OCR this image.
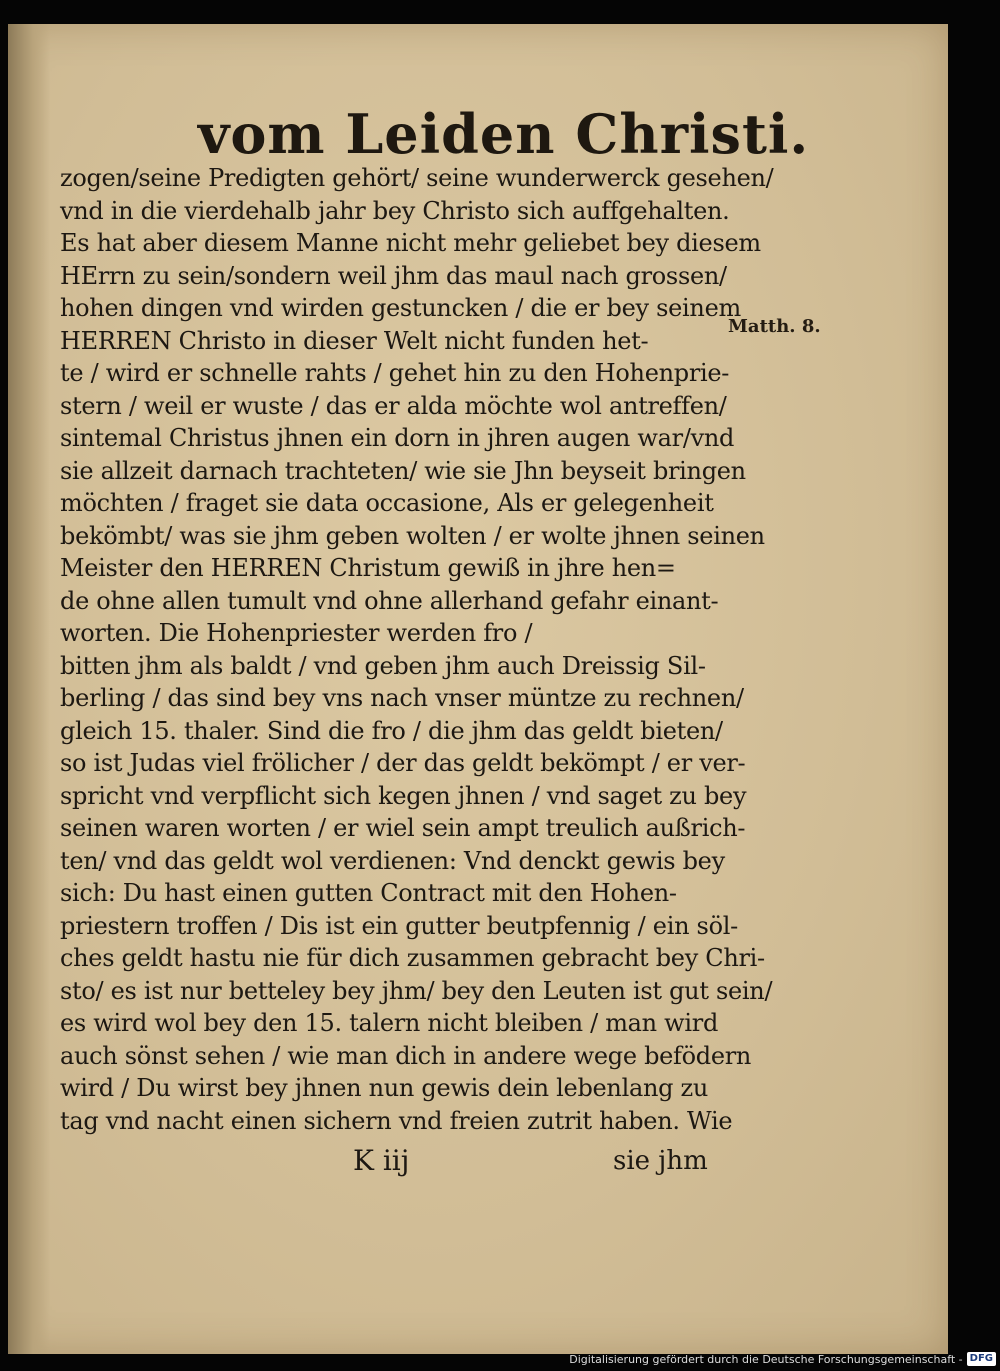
vom Leiden Christi.
zogen/seine Predigten gehört/ seine wunderwerck gesehen/
vnd in die vierdehalb jahr bey Christo sich auffgehalten.
Es hat aber diesem Manne nicht mehr geliebet bey diesem
HErrn zu sein/sondern weil jhm das maul nach grossen/
hohen dingen vnd wirden gestuncken / die er bey seinem
HERREN Christo in dieser Welt nicht funden het-
te / wird er schnelle rahts / gehet hin zu den Hohenprie-
stern / weil er wuste / das er alda möchte wol antreffen/
sintemal Christus jhnen ein dorn in jhren augen war/vnd
sie allzeit darnach trachteten/ wie sie Jhn beyseit bringen
möchten / fraget sie data occasione, Als er gelegenheit
bekömbt/ was sie jhm geben wolten / er wolte jhnen seinen
Meister den HERREN Christum gewiß in jhre hen=
de ohne allen tumult vnd ohne allerhand gefahr einant-
worten. Die Hohenpriester werden fro /
bitten jhm als baldt / vnd geben jhm auch Dreissig Sil-
berling / das sind bey vns nach vnser müntze zu rechnen/
gleich 15. thaler. Sind die fro / die jhm das geldt bieten/
so ist Judas viel frölicher / der das geldt bekömpt / er ver-
spricht vnd verpflicht sich kegen jhnen / vnd saget zu bey
seinen waren worten / er wiel sein ampt treulich außrich-
ten/ vnd das geldt wol verdienen: Vnd denckt gewis bey
sich: Du hast einen gutten Contract mit den Hohen-
priestern troffen / Dis ist ein gutter beutpfennig / ein söl-
ches geldt hastu nie für dich zusammen gebracht bey Chri-
sto/ es ist nur betteley bey jhm/ bey den Leuten ist gut sein/
es wird wol bey den 15. talern nicht bleiben / man wird
auch sönst sehen / wie man dich in andere wege befödern
wird / Du wirst bey jhnen nun gewis dein lebenlang zu
tag vnd nacht einen sichern vnd freien zutrit haben. Wie
Matth. 8.
K iij	sie jhm
Digitalisierung gefördert durch die Deutsche Forschungsgemeinschaft - DFG
